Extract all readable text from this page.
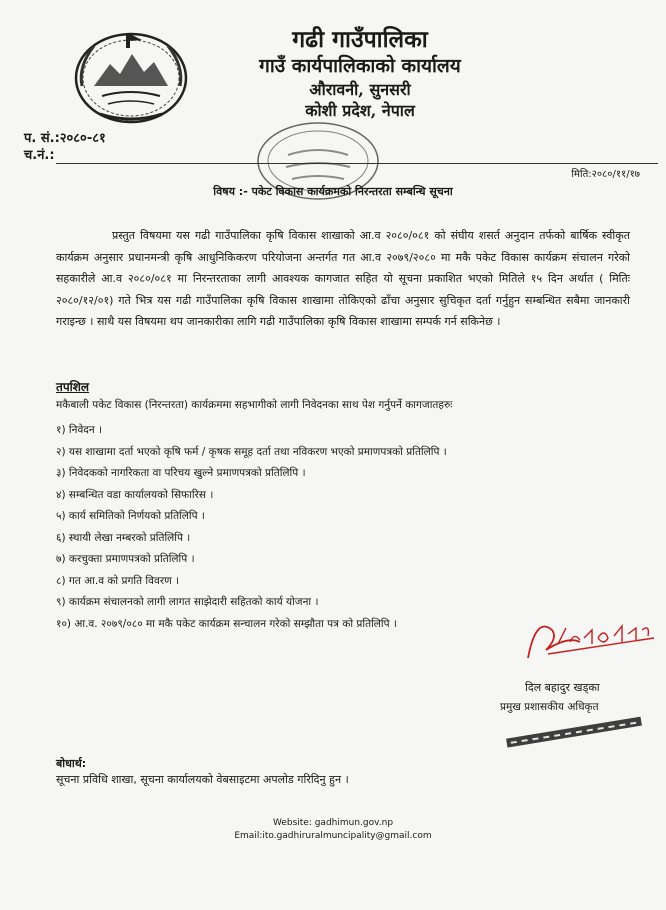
गढी गाउँपालिका
गाउँ कार्यपालिकाको कार्यालय
औरावनी, सुनसरी
कोशी प्रदेश, नेपाल
प. सं.:२०८०-८१
च.नं.:
मिति:२०८०/११/१७
विषय :- पकेट विकास कार्यक्रमको निरन्तरता सम्बन्धि सूचना
प्रस्तुत विषयमा यस गढी गाउँपालिका कृषि विकास शाखाको आ.व २०८०/०८१ को संघीय शसर्त अनुदान तर्फको बार्षिक स्वीकृत कार्यक्रम अनुसार प्रधानमन्त्री कृषि आधुनिकिकरण परियोजना अन्तर्गत गत आ.व २०७९/२०८० मा मकै पकेट विकास कार्यक्रम संचालन गरेको सहकारीले आ.व २०८०/०८१ मा निरन्तरताका लागी आवश्यक कागजात सहित यो सूचना प्रकाशित भएको मितिले १५ दिन अर्थात ( मितिः २०८०/१२/०१) गते भित्र यस गढी गाउँपालिका कृषि विकास शाखामा तोकिएको ढाँचा अनुसार सुचिकृत दर्ता गर्नुहुन सम्बन्धित सबैमा जानकारी गराइन्छ । साथै यस विषयमा थप जानकारीका लागि गढी गाउँपालिका कृषि विकास शाखामा सम्पर्क गर्न सकिनेछ ।
तपशिल
मकैबाली पकेट विकास (निरन्तरता) कार्यक्रममा सहभागीको लागी निवेदनका साथ पेश गर्नुपर्ने कागजातहरुः
१) निवेदन ।
२) यस शाखामा दर्ता भएको कृषि फर्म / कृषक समूह दर्ता तथा नविकरण भएको प्रमाणपत्रको प्रतिलिपि ।
३) निवेदकको नागरिकता वा परिचय खुल्ने प्रमाणपत्रको प्रतिलिपि ।
४) सम्बन्धित वडा कार्यालयको सिफारिस ।
५) कार्य समितिको निर्णयको प्रतिलिपि ।
६) स्थायी लेखा नम्बरको प्रतिलिपि ।
७) करचुक्ता प्रमाणपत्रको प्रतिलिपि ।
८) गत आ.व को प्रगति विवरण ।
९) कार्यक्रम संचालनको लागी लागत साझेदारी सहितको कार्य योजना ।
१०) आ.व. २०७९/०८० मा मकै पकेट कार्यक्रम सन्चालन गरेको सम्झौता पत्र को प्रतिलिपि ।
दिल बहादुर खड्का
प्रमुख प्रशासकीय अधिकृत
बोधार्थ:
सूचना प्रविधि शाखा, सूचना कार्यालयको वेबसाइटमा अपलोड गरिदिनु हुन ।
Website: gadhimun.gov.np
Email:ito.gadhiruralmuncipality@gmail.com
